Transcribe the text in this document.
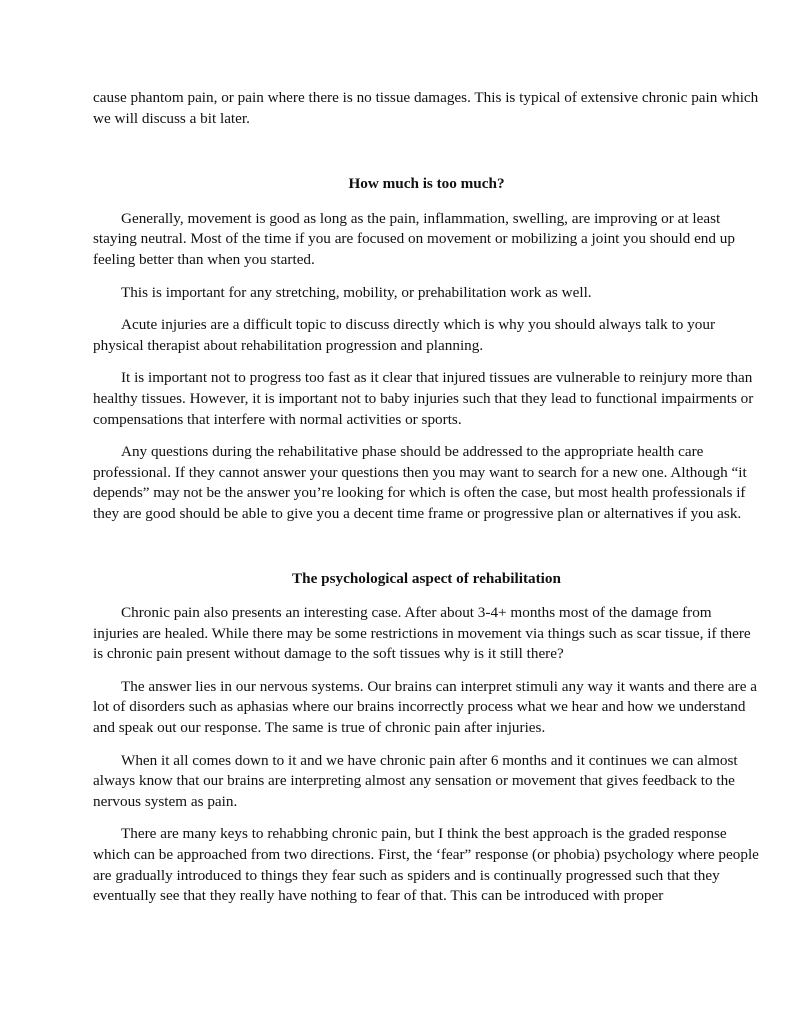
cause phantom pain, or pain where there is no tissue damages. This is typical of extensive chronic pain which we will discuss a bit later.

How much is too much?

Generally, movement is good as long as the pain, inflammation, swelling, are improving or at least staying neutral. Most of the time if you are focused on movement or mobilizing a joint you should end up feeling better than when you started.

This is important for any stretching, mobility, or prehabilitation work as well.

Acute injuries are a difficult topic to discuss directly which is why you should always talk to your physical therapist about rehabilitation progression and planning.

It is important not to progress too fast as it clear that injured tissues are vulnerable to reinjury more than healthy tissues. However, it is important not to baby injuries such that they lead to functional impairments or compensations that interfere with normal activities or sports.

Any questions during the rehabilitative phase should be addressed to the appropriate health care professional. If they cannot answer your questions then you may want to search for a new one. Although “it depends” may not be the answer you’re looking for which is often the case, but most health professionals if they are good should be able to give you a decent time frame or progressive plan or alternatives if you ask.

The psychological aspect of rehabilitation

Chronic pain also presents an interesting case. After about 3-4+ months most of the damage from injuries are healed. While there may be some restrictions in movement via things such as scar tissue, if there is chronic pain present without damage to the soft tissues why is it still there?

The answer lies in our nervous systems. Our brains can interpret stimuli any way it wants and there are a lot of disorders such as aphasias where our brains incorrectly process what we hear and how we understand and speak out our response. The same is true of chronic pain after injuries.

When it all comes down to it and we have chronic pain after 6 months and it continues we can almost always know that our brains are interpreting almost any sensation or movement that gives feedback to the nervous system as pain.

There are many keys to rehabbing chronic pain, but I think the best approach is the graded response which can be approached from two directions. First, the ‘fear” response (or phobia) psychology where people are gradually introduced to things they fear such as spiders and is continually progressed such that they eventually see that they really have nothing to fear of that. This can be introduced with proper
